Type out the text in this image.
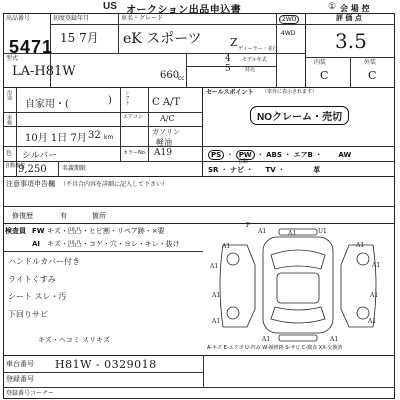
US オークション出品申込書	① 会 場 控
出品番号
5471
初度登録年月
15 7月
車名・グレード
eK スポーツ	Z
2WD
4WD
型式
LA-H81W	660
cc
ディーラー・並行
4 モデル年式
5	持込
評 価 点
3.5
内装	外装
C	C
用途
自家用・(	) シフト C A/T
エアコン A/C
車検
10月 1日 7月 32 km
ガソリン
軽油
色 シルバー	カラーNo. A19
自動車税
9,250	名義期限
セールスポイント （車外に表示されます）
NOクレーム・売切
PS · PW · ABS · エアB ·	AW
SR · ナビ · TV ·	革
自動
注意事項申告欄 （不具合内容を詳細に記入して下さい）
修復歴	有	箇所
検査員 FW キズ・凹凸・ヒビ割・リペア跡・×要
AI キズ・凹凸・コゲ・穴・ヨレ・キレ・抜け
ハンドルカバー付き
ライトくすみ
シート スレ・汚
下回りサビ
キズ・ヘコミ スリキズ
A1	A1
A1	A1
A1	A1
A1	A1
A1	A1
A1	A1
U1
P
A-キズ E-エクボ U-凹み W-補修跡 S-サビ C-腐食 XX-交換済
車台番号 H81W - 0329018
登録番号
登録番号コーナー
